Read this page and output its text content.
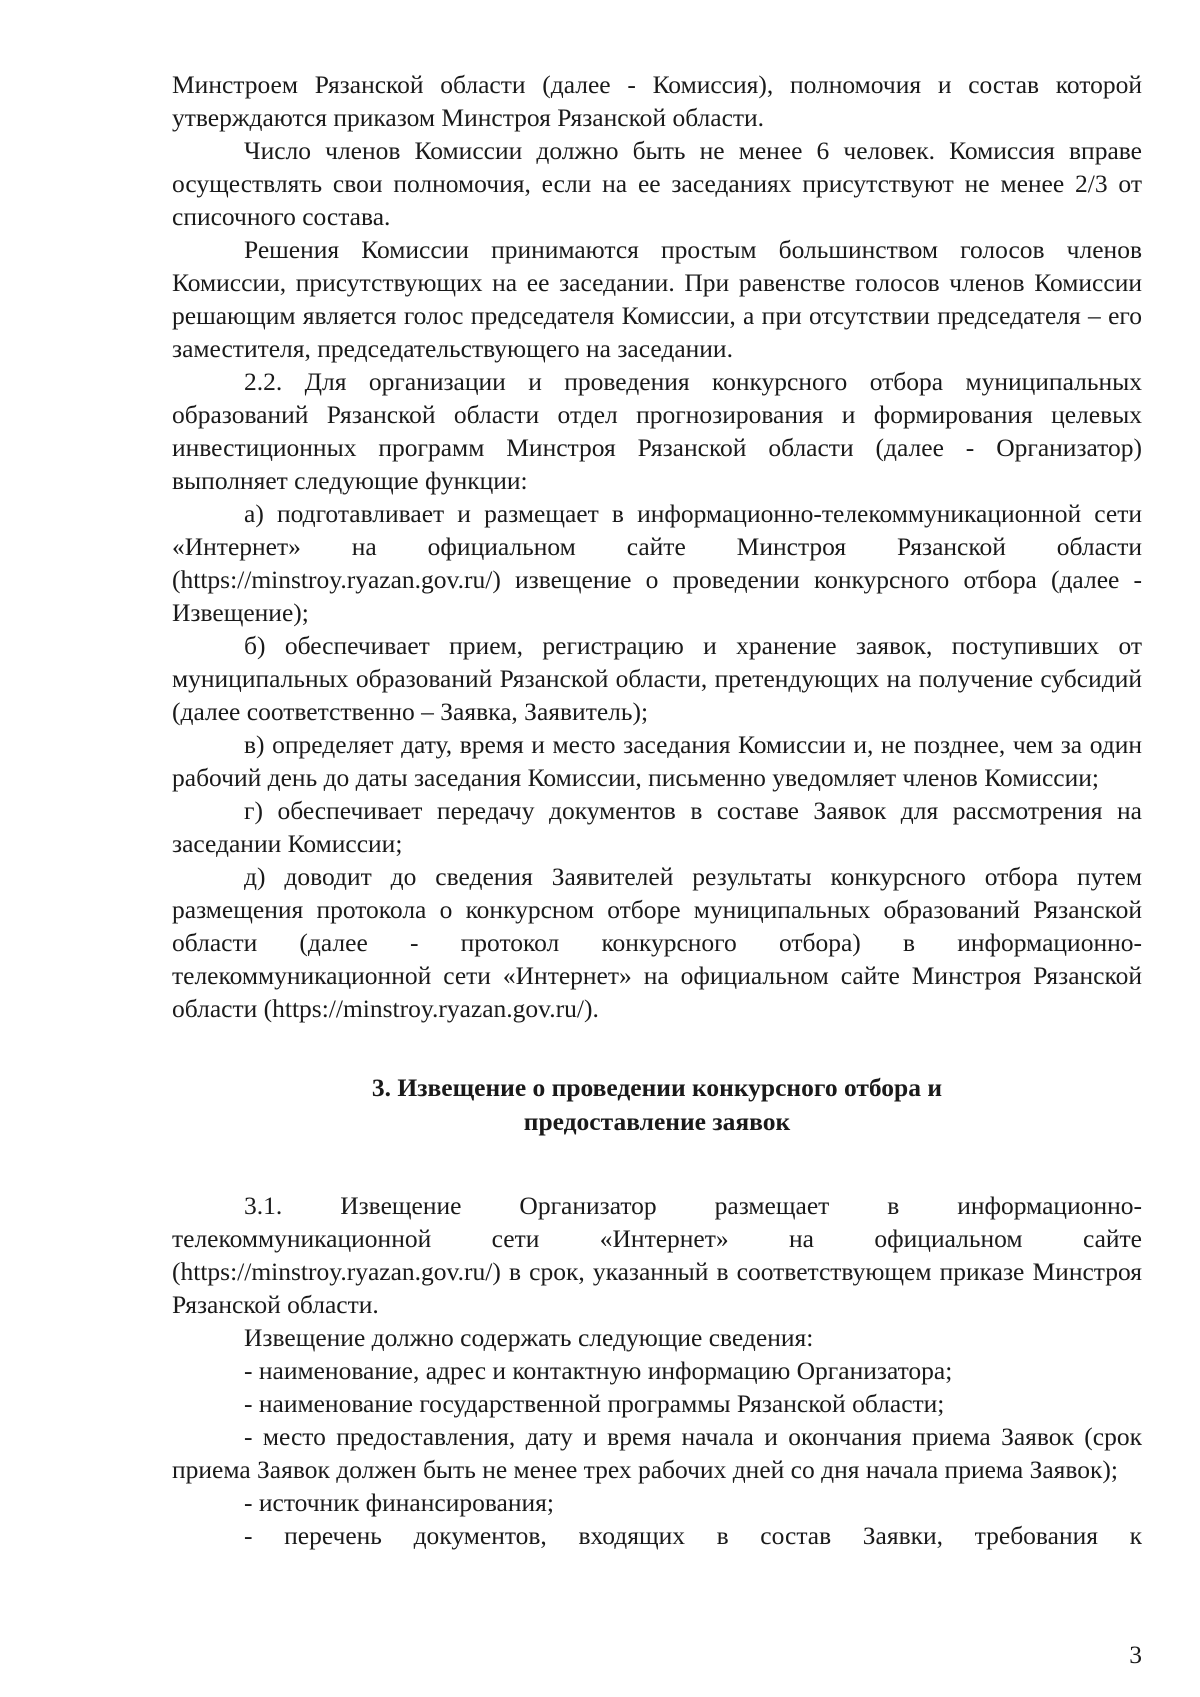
Минстроем Рязанской области (далее - Комиссия), полномочия и состав которой утверждаются приказом Минстроя Рязанской области.

Число членов Комиссии должно быть не менее 6 человек. Комиссия вправе осуществлять свои полномочия, если на ее заседаниях присутствуют не менее 2/3 от списочного состава.

Решения Комиссии принимаются простым большинством голосов членов Комиссии, присутствующих на ее заседании. При равенстве голосов членов Комиссии решающим является голос председателя Комиссии, а при отсутствии председателя – его заместителя, председательствующего на заседании.

2.2. Для организации и проведения конкурсного отбора муниципальных образований Рязанской области отдел прогнозирования и формирования целевых инвестиционных программ Минстроя Рязанской области (далее - Организатор) выполняет следующие функции:

а) подготавливает и размещает в информационно-телекоммуникационной сети «Интернет» на официальном сайте Минстроя Рязанской области (https://minstroy.ryazan.gov.ru/) извещение о проведении конкурсного отбора (далее - Извещение);

б) обеспечивает прием, регистрацию и хранение заявок, поступивших от муниципальных образований Рязанской области, претендующих на получение субсидий (далее соответственно – Заявка, Заявитель);

в) определяет дату, время и место заседания Комиссии и, не позднее, чем за один рабочий день до даты заседания Комиссии, письменно уведомляет членов Комиссии;

г) обеспечивает передачу документов в составе Заявок для рассмотрения на заседании Комиссии;

д) доводит до сведения Заявителей результаты конкурсного отбора путем размещения протокола о конкурсном отборе муниципальных образований Рязанской области (далее - протокол конкурсного отбора) в информационно-телекоммуникационной сети «Интернет» на официальном сайте Минстроя Рязанской области (https://minstroy.ryazan.gov.ru/).

3. Извещение о проведении конкурсного отбора и
предоставление заявок

3.1. Извещение Организатор размещает в информационно-телекоммуникационной сети «Интернет» на официальном сайте (https://minstroy.ryazan.gov.ru/) в срок, указанный в соответствующем приказе Минстроя Рязанской области.

Извещение должно содержать следующие сведения:

- наименование, адрес и контактную информацию Организатора;

- наименование государственной программы Рязанской области;

- место предоставления, дату и время начала и окончания приема Заявок (срок приема Заявок должен быть не менее трех рабочих дней со дня начала приема Заявок);

- источник финансирования;

- перечень документов, входящих в состав Заявки, требования к

3
